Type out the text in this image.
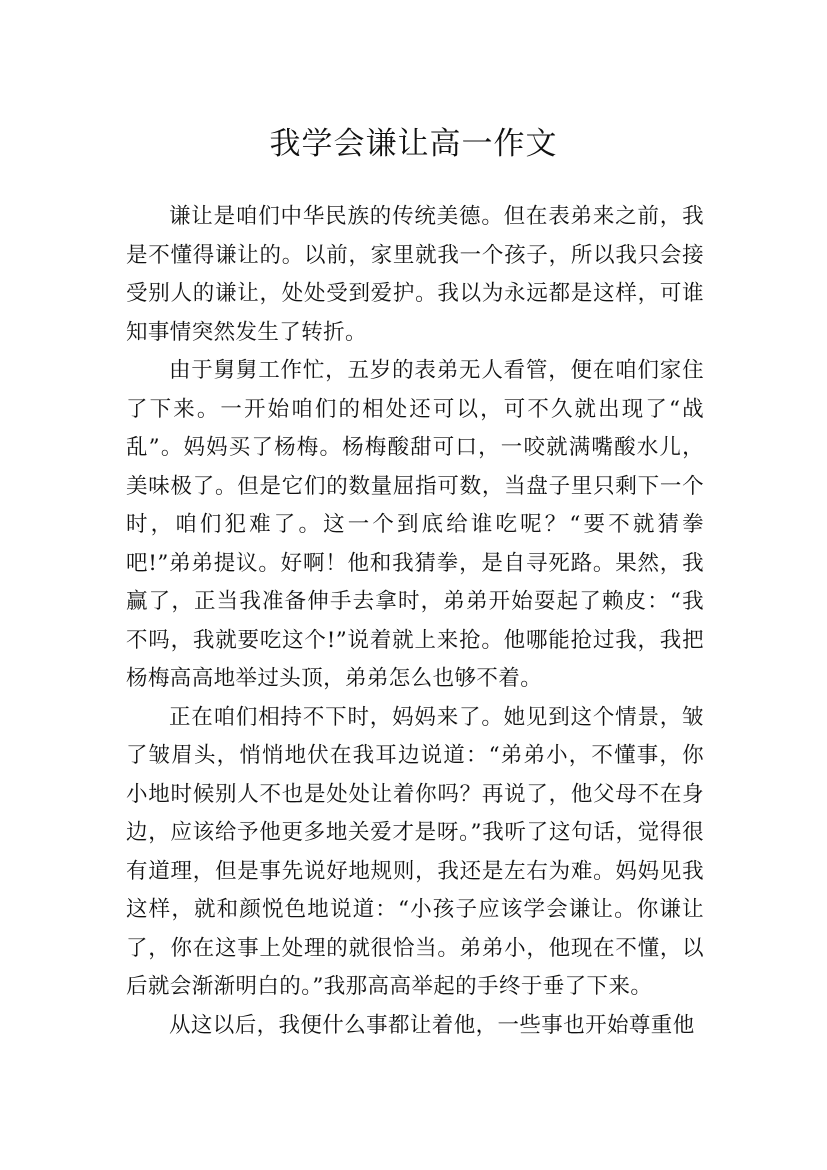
我学会谦让高一作文

谦让是咱们中华民族的传统美德。但在表弟来之前，我是不懂得谦让的。以前，家里就我一个孩子，所以我只会接受别人的谦让，处处受到爱护。我以为永远都是这样，可谁知事情突然发生了转折。

由于舅舅工作忙，五岁的表弟无人看管，便在咱们家住了下来。一开始咱们的相处还可以，可不久就出现了“战乱”。妈妈买了杨梅。杨梅酸甜可口，一咬就满嘴酸水儿，美味极了。但是它们的数量屈指可数，当盘子里只剩下一个时，咱们犯难了。这一个到底给谁吃呢？“要不就猜拳吧!”弟弟提议。好啊！他和我猜拳，是自寻死路。果然，我赢了，正当我准备伸手去拿时，弟弟开始耍起了赖皮：“我不吗，我就要吃这个!”说着就上来抢。他哪能抢过我，我把杨梅高高地举过头顶，弟弟怎么也够不着。

正在咱们相持不下时，妈妈来了。她见到这个情景，皱了皱眉头，悄悄地伏在我耳边说道：“弟弟小，不懂事，你小地时候别人不也是处处让着你吗？再说了，他父母不在身边，应该给予他更多地关爱才是呀。”我听了这句话，觉得很有道理，但是事先说好地规则，我还是左右为难。妈妈见我这样，就和颜悦色地说道：“小孩子应该学会谦让。你谦让了，你在这事上处理的就很恰当。弟弟小，他现在不懂，以后就会渐渐明白的。”我那高高举起的手终于垂了下来。

从这以后，我便什么事都让着他，一些事也开始尊重他
